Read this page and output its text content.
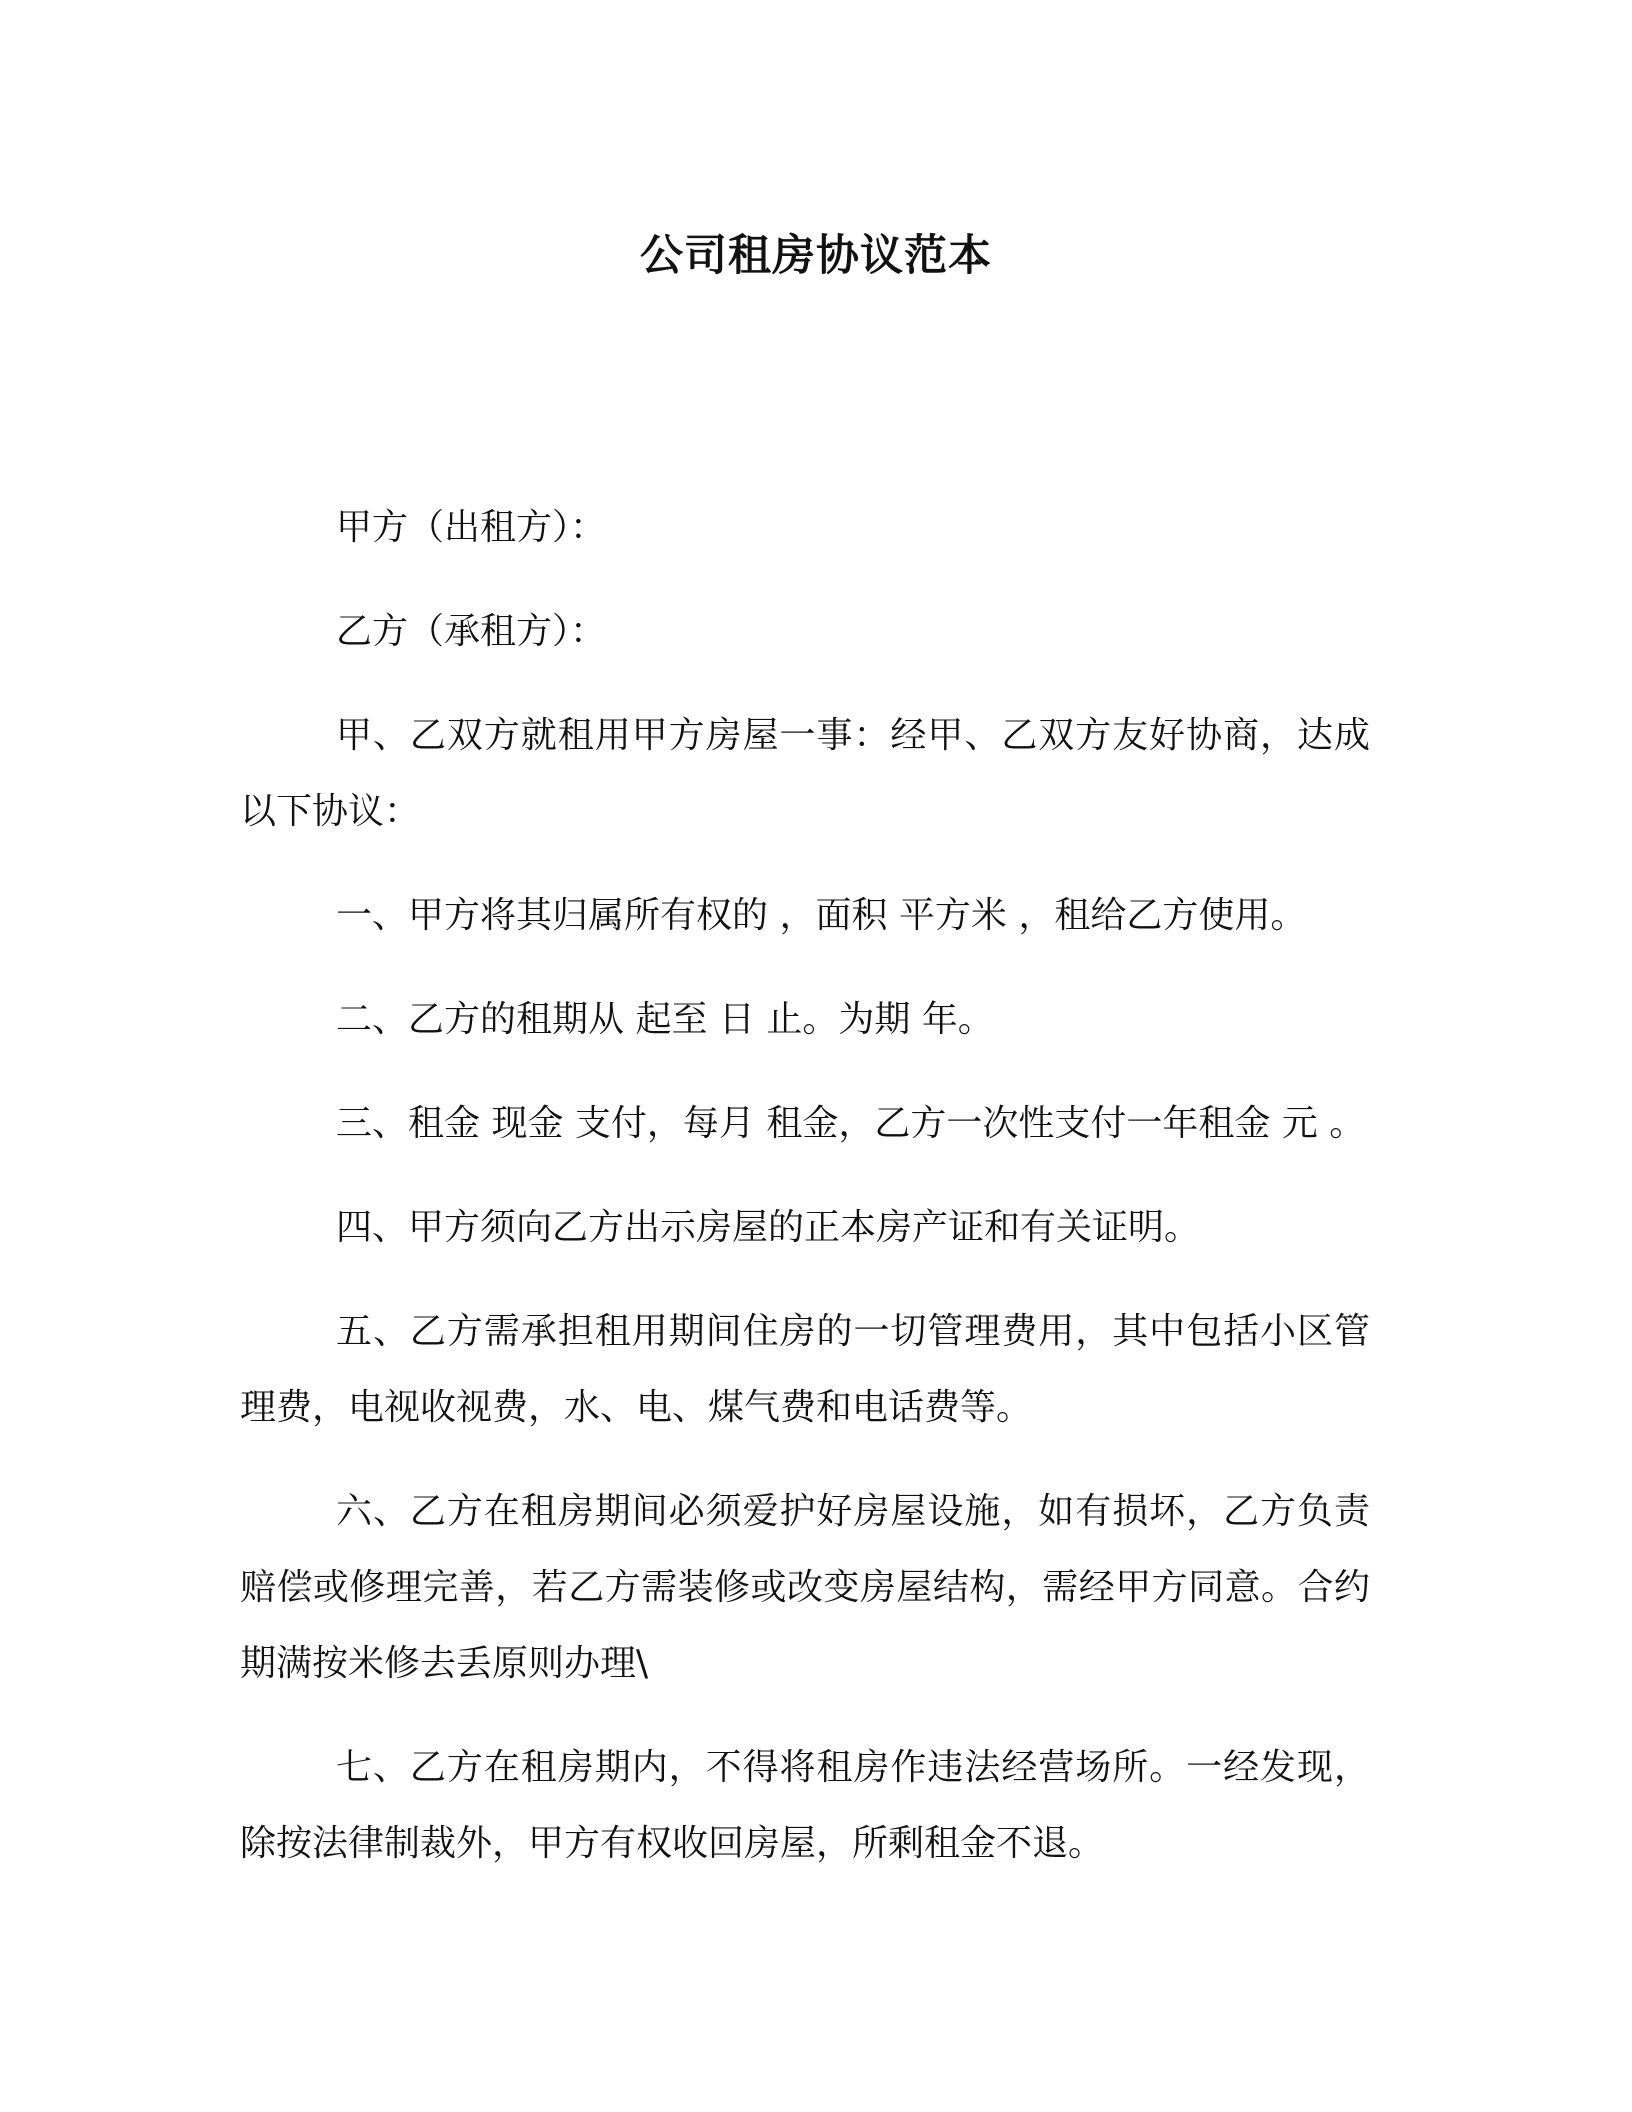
公司租房协议范本

甲方（出租方）：

乙方（承租方）：

甲、乙双方就租用甲方房屋一事：经甲、乙双方友好协商，达成以下协议：

一、甲方将其归属所有权的 ，面积 平方米 ，租给乙方使用。

二、乙方的租期从 起至 日 止。为期 年。

三、租金 现金 支付，每月 租金，乙方一次性支付一年租金 元 。

四、甲方须向乙方出示房屋的正本房产证和有关证明。

五、乙方需承担租用期间住房的一切管理费用，其中包括小区管理费，电视收视费，水、电、煤气费和电话费等。

六、乙方在租房期间必须爱护好房屋设施，如有损坏，乙方负责赔偿或修理完善，若乙方需装修或改变房屋结构，需经甲方同意。合约期满按米修去丢原则办理\

七、乙方在租房期内，不得将租房作违法经营场所。一经发现，除按法律制裁外，甲方有权收回房屋，所剩租金不退。
